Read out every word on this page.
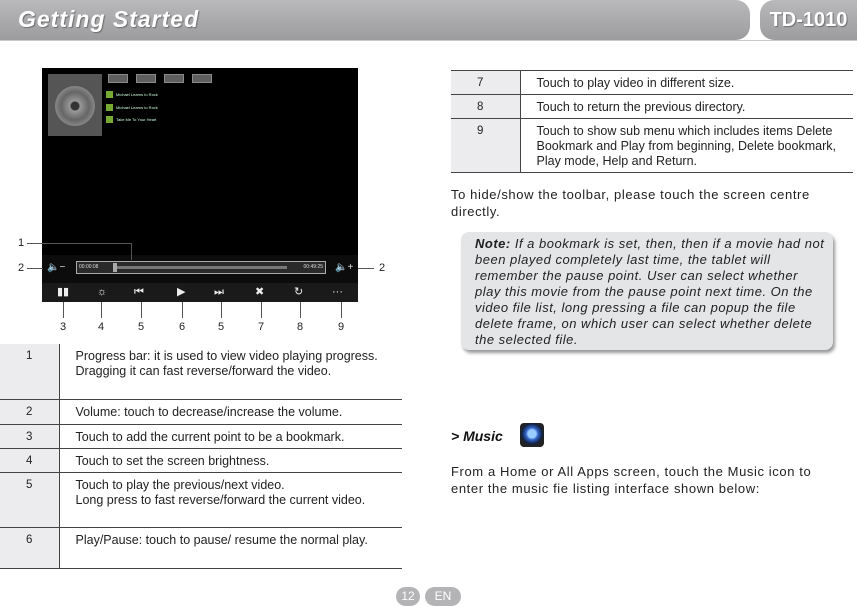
Getting Started	TD-1010
Michael Learns to Rock
Michael Learns to Rock
Take Me To Your Heart
🔈−	00:00:08	00:49:25 🔈+
▮▮	☼ ⏮	▶	⏭	✖	↻	···
1
2	2
3	4	5	6	5	7	8	9
1	Progress bar: it is used to view video playing progress. Dragging it can fast reverse/forward the video.
2	Volume: touch to decrease/increase the volume.
3	Touch to add the current point to be a bookmark.
4	Touch to set the screen brightness.
5	Touch to play the previous/next video.
Long press to fast reverse/forward the current video.
6	Play/Pause: touch to pause/ resume the normal play.
7	Touch to play video in different size.
8	Touch to return the previous directory.
9	Touch to show sub menu which includes items Delete Bookmark and Play from beginning, Delete bookmark, Play mode, Help and Return.
To hide/show the toolbar, please touch the screen centre directly.
Note: If a bookmark is set, then, then if a movie had not been played completely last time, the tablet will remember the pause point. User can select whether play this movie from the pause point next time. On the video file list, long pressing a file can popup the file delete frame, on which user can select whether delete the selected file.
> Music
From a Home or All Apps screen, touch the Music icon to enter the music fie listing interface shown below:
12	EN
